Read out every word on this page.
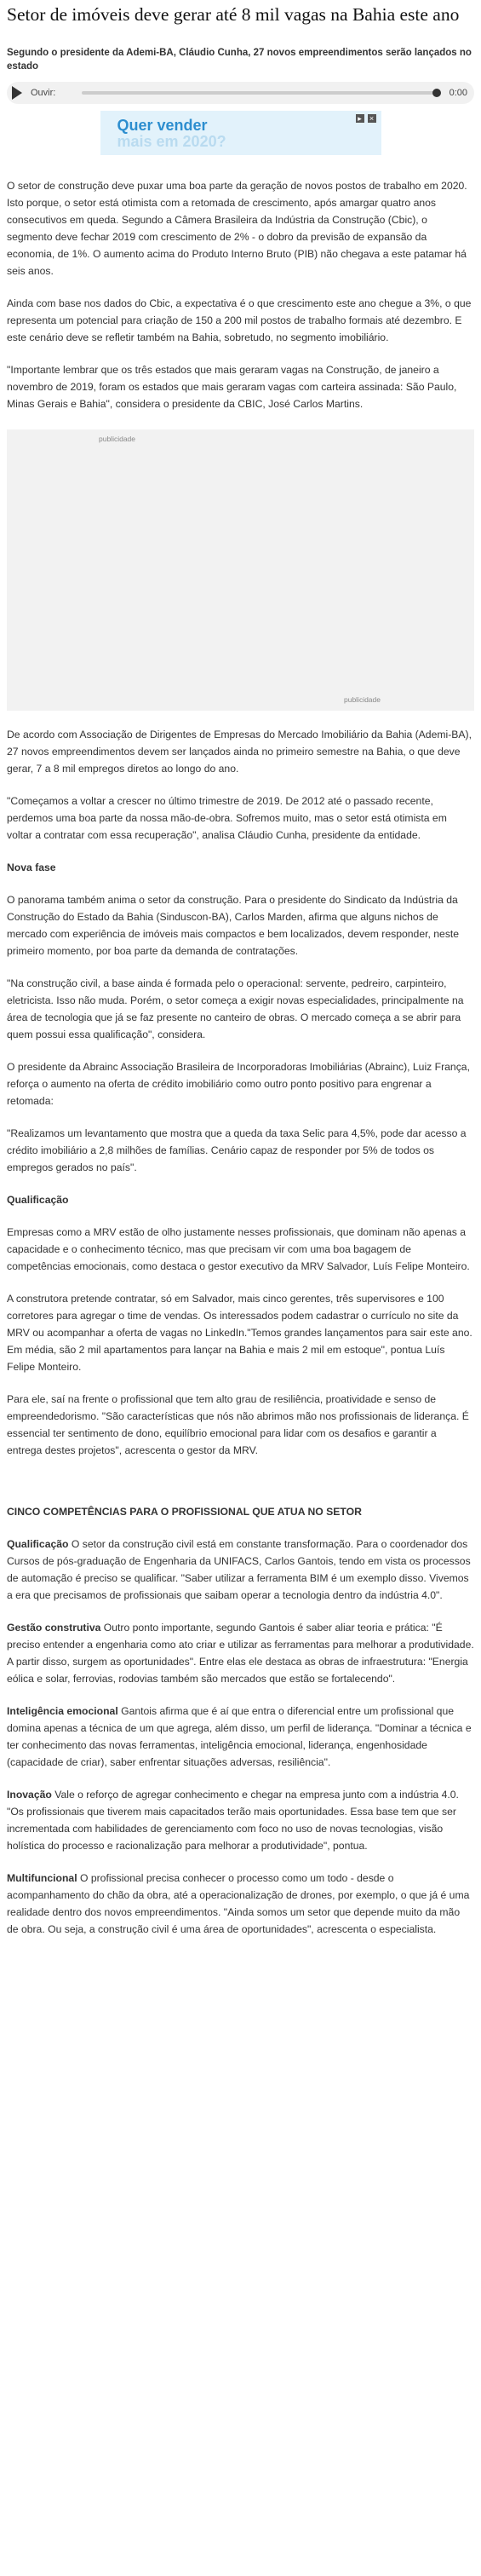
Setor de imóveis deve gerar até 8 mil vagas na Bahia este ano
Segundo o presidente da Ademi-BA, Cláudio Cunha, 27 novos empreendimentos serão lançados no estado
Ouvir:	0:00
Quer vender
mais em 2020?
▸	×

O setor de construção deve puxar uma boa parte da geração de novos postos de trabalho em 2020. Isto porque, o setor está otimista com a retomada de crescimento, após amargar quatro anos consecutivos em queda. Segundo a Câmera Brasileira da Indústria da Construção (Cbic), o segmento deve fechar 2019 com crescimento de 2% - o dobro da previsão de expansão da economia, de 1%. O aumento acima do Produto Interno Bruto (PIB) não chegava a este patamar há seis anos.

Ainda com base nos dados do Cbic, a expectativa é o que crescimento este ano chegue a 3%, o que representa um potencial para criação de 150 a 200 mil postos de trabalho formais até dezembro. E este cenário deve se refletir também na Bahia, sobretudo, no segmento imobiliário.

"Importante lembrar que os três estados que mais geraram vagas na Construção, de janeiro a novembro de 2019, foram os estados que mais geraram vagas com carteira assinada: São Paulo, Minas Gerais e Bahia", considera o presidente da CBIC, José Carlos Martins.

publicidade
publicidade

De acordo com Associação de Dirigentes de Empresas do Mercado Imobiliário da Bahia (Ademi-BA), 27 novos empreendimentos devem ser lançados ainda no primeiro semestre na Bahia, o que deve gerar, 7 a 8 mil empregos diretos ao longo do ano.

"Começamos a voltar a crescer no último trimestre de 2019. De 2012 até o passado recente, perdemos uma boa parte da nossa mão-de-obra. Sofremos muito, mas o setor está otimista em voltar a contratar com essa recuperação", analisa Cláudio Cunha, presidente da entidade.

Nova fase

O panorama também anima o setor da construção. Para o presidente do Sindicato da Indústria da Construção do Estado da Bahia (Sinduscon-BA), Carlos Marden, afirma que alguns nichos de mercado com experiência de imóveis mais compactos e bem localizados, devem responder, neste primeiro momento, por boa parte da demanda de contratações.

"Na construção civil, a base ainda é formada pelo o operacional: servente, pedreiro, carpinteiro, eletricista. Isso não muda. Porém, o setor começa a exigir novas especialidades, principalmente na área de tecnologia que já se faz presente no canteiro de obras. O mercado começa a se abrir para quem possui essa qualificação", considera.

O presidente da Abrainc Associação Brasileira de Incorporadoras Imobiliárias (Abrainc), Luiz França, reforça o aumento na oferta de crédito imobiliário como outro ponto positivo para engrenar a retomada:

"Realizamos um levantamento que mostra que a queda da taxa Selic para 4,5%, pode dar acesso a crédito imobiliário a 2,8 milhões de famílias. Cenário capaz de responder por 5% de todos os empregos gerados no país".

Qualificação

Empresas como a MRV estão de olho justamente nesses profissionais, que dominam não apenas a capacidade e o conhecimento técnico, mas que precisam vir com uma boa bagagem de competências emocionais, como destaca o gestor executivo da MRV Salvador, Luís Felipe Monteiro.

A construtora pretende contratar, só em Salvador, mais cinco gerentes, três supervisores e 100 corretores para agregar o time de vendas. Os interessados podem cadastrar o currículo no site da MRV ou acompanhar a oferta de vagas no LinkedIn."Temos grandes lançamentos para sair este ano. Em média, são 2 mil apartamentos para lançar na Bahia e mais 2 mil em estoque", pontua Luís Felipe Monteiro.

Para ele, saí na frente o profissional que tem alto grau de resiliência, proatividade e senso de empreendedorismo. "São características que nós não abrimos mão nos profissionais de liderança. É essencial ter sentimento de dono, equilíbrio emocional para lidar com os desafios e garantir a entrega destes projetos", acrescenta o gestor da MRV.

CINCO COMPETÊNCIAS PARA O PROFISSIONAL QUE ATUA NO SETOR

Qualificação O setor da construção civil está em constante transformação. Para o coordenador dos Cursos de pós-graduação de Engenharia da UNIFACS, Carlos Gantois, tendo em vista os processos de automação é preciso se qualificar. "Saber utilizar a ferramenta BIM é um exemplo disso. Vivemos a era que precisamos de profissionais que saibam operar a tecnologia dentro da indústria 4.0".

Gestão construtiva Outro ponto importante, segundo Gantois é saber aliar teoria e prática: "É preciso entender a engenharia como ato criar e utilizar as ferramentas para melhorar a produtividade. A partir disso, surgem as oportunidades". Entre elas ele destaca as obras de infraestrutura: "Energia eólica e solar, ferrovias, rodovias também são mercados que estão se fortalecendo".

Inteligência emocional Gantois afirma que é aí que entra o diferencial entre um profissional que domina apenas a técnica de um que agrega, além disso, um perfil de liderança. "Dominar a técnica e ter conhecimento das novas ferramentas, inteligência emocional, liderança, engenhosidade (capacidade de criar), saber enfrentar situações adversas, resiliência".

Inovação Vale o reforço de agregar conhecimento e chegar na empresa junto com a indústria 4.0. "Os profissionais que tiverem mais capacitados terão mais oportunidades. Essa base tem que ser incrementada com habilidades de gerenciamento com foco no uso de novas tecnologias, visão holística do processo e racionalização para melhorar a produtividade", pontua.

Multifuncional O profissional precisa conhecer o processo como um todo - desde o acompanhamento do chão da obra, até a operacionalização de drones, por exemplo, o que já é uma realidade dentro dos novos empreendimentos. "Ainda somos um setor que depende muito da mão de obra. Ou seja, a construção civil é uma área de oportunidades", acrescenta o especialista.
